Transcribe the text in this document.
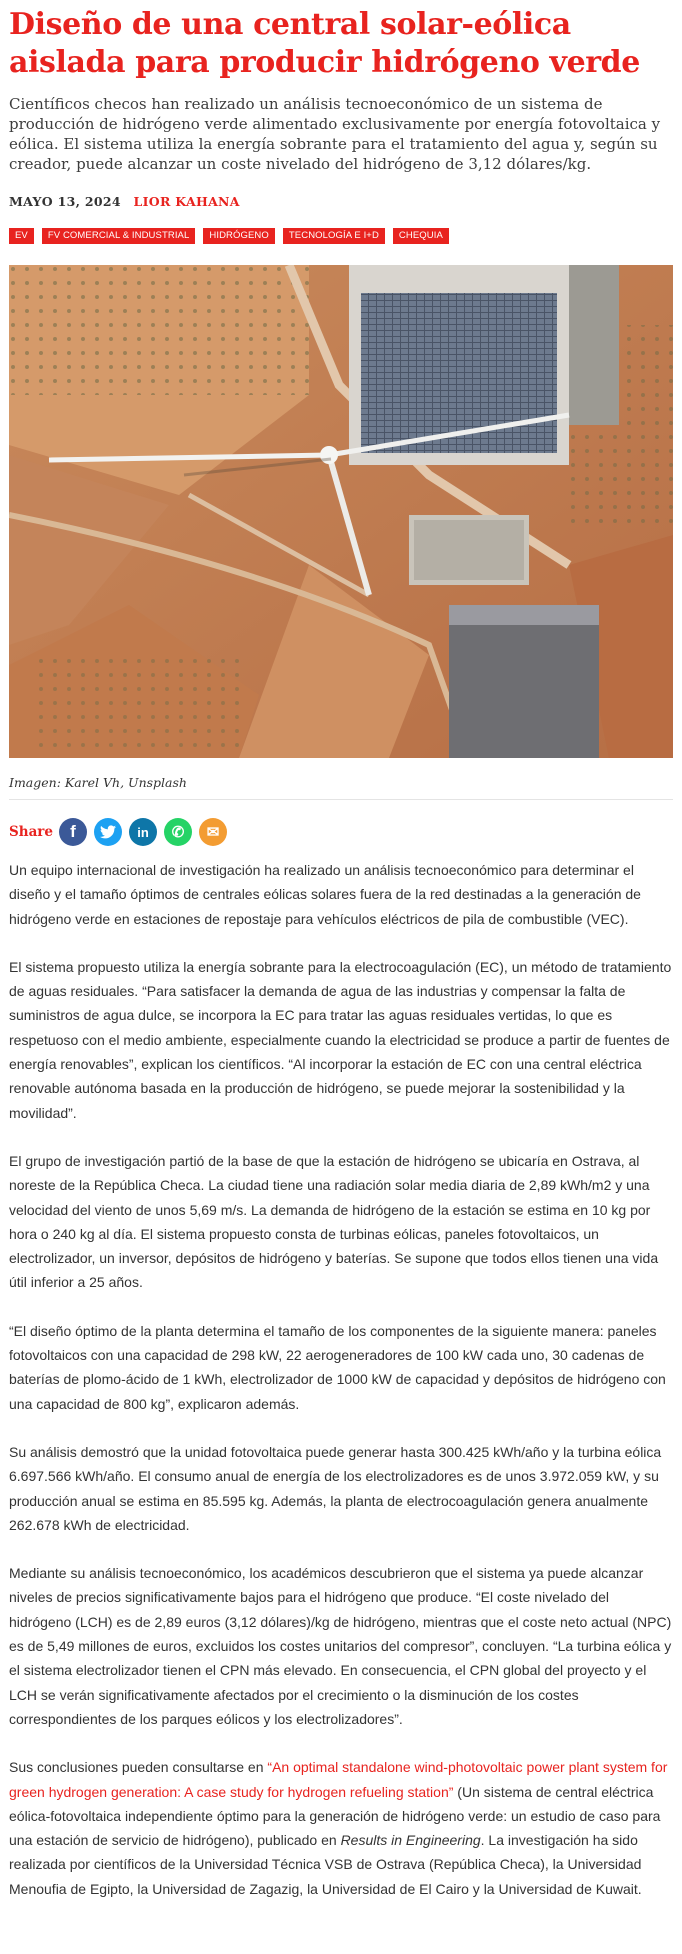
Diseño de una central solar-eólica aislada para producir hidrógeno verde

Científicos checos han realizado un análisis tecnoeconómico de un sistema de producción de hidrógeno verde alimentado exclusivamente por energía fotovoltaica y eólica. El sistema utiliza la energía sobrante para el tratamiento del agua y, según su creador, puede alcanzar un coste nivelado del hidrógeno de 3,12 dólares/kg.

MAYO 13, 2024 LIOR KAHANA
EV	FV COMERCIAL & INDUSTRIAL	HIDRÓGENO	TECNOLOGÍA E I+D	CHEQUIA
Imagen: Karel Vh, Unsplash
Share	f	in	✆	✉

Un equipo internacional de investigación ha realizado un análisis tecnoeconómico para determinar el diseño y el tamaño óptimos de centrales eólicas solares fuera de la red destinadas a la generación de hidrógeno verde en estaciones de repostaje para vehículos eléctricos de pila de combustible (VEC).

El sistema propuesto utiliza la energía sobrante para la electrocoagulación (EC), un método de tratamiento de aguas residuales. “Para satisfacer la demanda de agua de las industrias y compensar la falta de suministros de agua dulce, se incorpora la EC para tratar las aguas residuales vertidas, lo que es respetuoso con el medio ambiente, especialmente cuando la electricidad se produce a partir de fuentes de energía renovables”, explican los científicos. “Al incorporar la estación de EC con una central eléctrica renovable autónoma basada en la producción de hidrógeno, se puede mejorar la sostenibilidad y la movilidad”.

El grupo de investigación partió de la base de que la estación de hidrógeno se ubicaría en Ostrava, al noreste de la República Checa. La ciudad tiene una radiación solar media diaria de 2,89 kWh/m2 y una velocidad del viento de unos 5,69 m/s. La demanda de hidrógeno de la estación se estima en 10 kg por hora o 240 kg al día. El sistema propuesto consta de turbinas eólicas, paneles fotovoltaicos, un electrolizador, un inversor, depósitos de hidrógeno y baterías. Se supone que todos ellos tienen una vida útil inferior a 25 años.

“El diseño óptimo de la planta determina el tamaño de los componentes de la siguiente manera: paneles fotovoltaicos con una capacidad de 298 kW, 22 aerogeneradores de 100 kW cada uno, 30 cadenas de baterías de plomo-ácido de 1 kWh, electrolizador de 1000 kW de capacidad y depósitos de hidrógeno con una capacidad de 800 kg”, explicaron además.

Su análisis demostró que la unidad fotovoltaica puede generar hasta 300.425 kWh/año y la turbina eólica 6.697.566 kWh/año. El consumo anual de energía de los electrolizadores es de unos 3.972.059 kW, y su producción anual se estima en 85.595 kg. Además, la planta de electrocoagulación genera anualmente 262.678 kWh de electricidad.

Mediante su análisis tecnoeconómico, los académicos descubrieron que el sistema ya puede alcanzar niveles de precios significativamente bajos para el hidrógeno que produce. “El coste nivelado del hidrógeno (LCH) es de 2,89 euros (3,12 dólares)/kg de hidrógeno, mientras que el coste neto actual (NPC) es de 5,49 millones de euros, excluidos los costes unitarios del compresor”, concluyen. “La turbina eólica y el sistema electrolizador tienen el CPN más elevado. En consecuencia, el CPN global del proyecto y el LCH se verán significativamente afectados por el crecimiento o la disminución de los costes correspondientes de los parques eólicos y los electrolizadores”.

Sus conclusiones pueden consultarse en “An optimal standalone wind-photovoltaic power plant system for green hydrogen generation: A case study for hydrogen refueling station” (Un sistema de central eléctrica eólica-fotovoltaica independiente óptimo para la generación de hidrógeno verde: un estudio de caso para una estación de servicio de hidrógeno), publicado en Results in Engineering. La investigación ha sido realizada por científicos de la Universidad Técnica VSB de Ostrava (República Checa), la Universidad Menoufia de Egipto, la Universidad de Zagazig, la Universidad de El Cairo y la Universidad de Kuwait.
